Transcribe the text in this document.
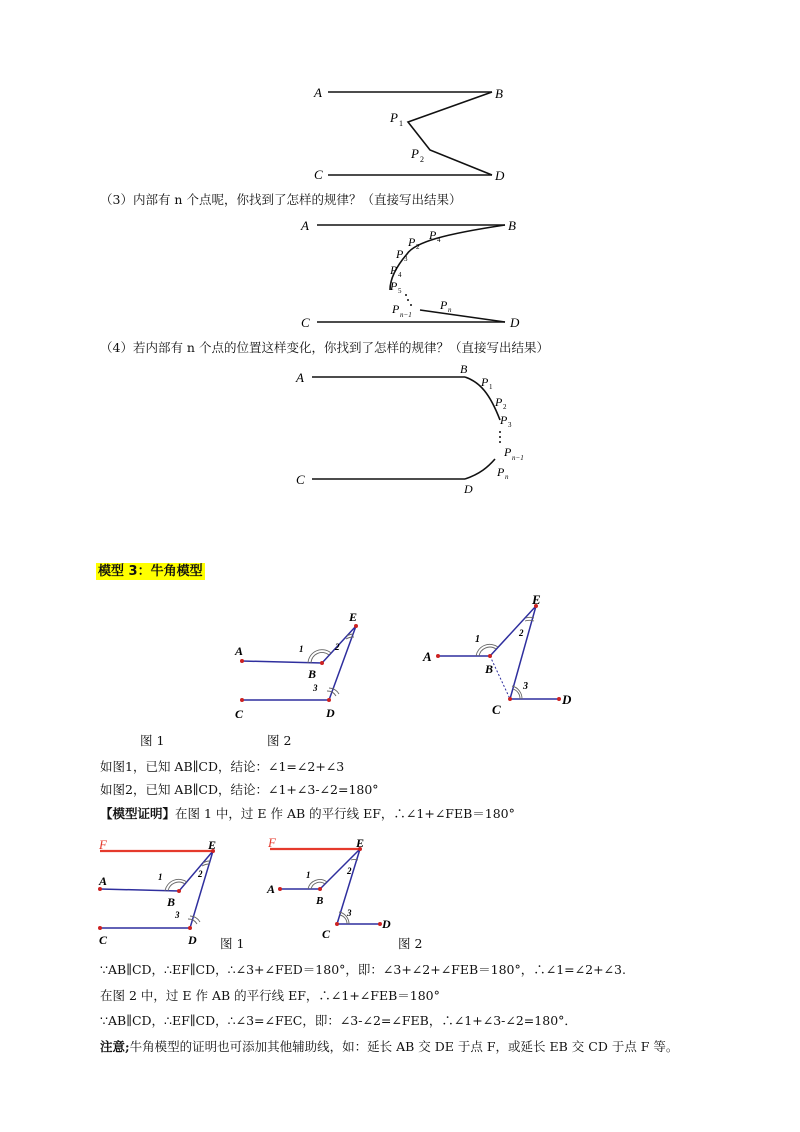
A	B
C	D
P 1
P 2
（3）内部有 n 个点呢，你找到了怎样的规律？（直接写出结果）
A	B
C	D
P 4
P 2
P 3
P 4
P 5
P n−1
P n
（4）若内部有 n 个点的位置这样变化，你找到了怎样的规律？（直接写出结果）
A
B
C
D
P 1
P 2
P 3
P n−1
P n
模型 3：牛角模型
A
B
C	D
E
1	2
3
A
B
C
D
E
1
2
3
图 1	图 2
如图1，已知 AB∥CD，结论：∠1=∠2+∠3
如图2，已知 AB∥CD，结论：∠1+∠3-∠2=180°
【模型证明】在图 1 中，过 E 作 AB 的平行线 EF，∴∠1+∠FEB＝180°
F
A
B
C	D
E
1	2
3
图 1
F
A
B
C
D
E
1	2
3
图 2
∵AB∥CD，∴EF∥CD，∴∠3+∠FED＝180°，即：∠3+∠2+∠FEB＝180°，∴∠1=∠2+∠3.
在图 2 中，过 E 作 AB 的平行线 EF，∴∠1+∠FEB＝180°
∵AB∥CD，∴EF∥CD，∴∠3=∠FEC，即：∠3-∠2=∠FEB，∴∠1+∠3-∠2=180°．
注意;牛角模型的证明也可添加其他辅助线，如：延长 AB 交 DE 于点 F，或延长 EB 交 CD 于点 F 等。
